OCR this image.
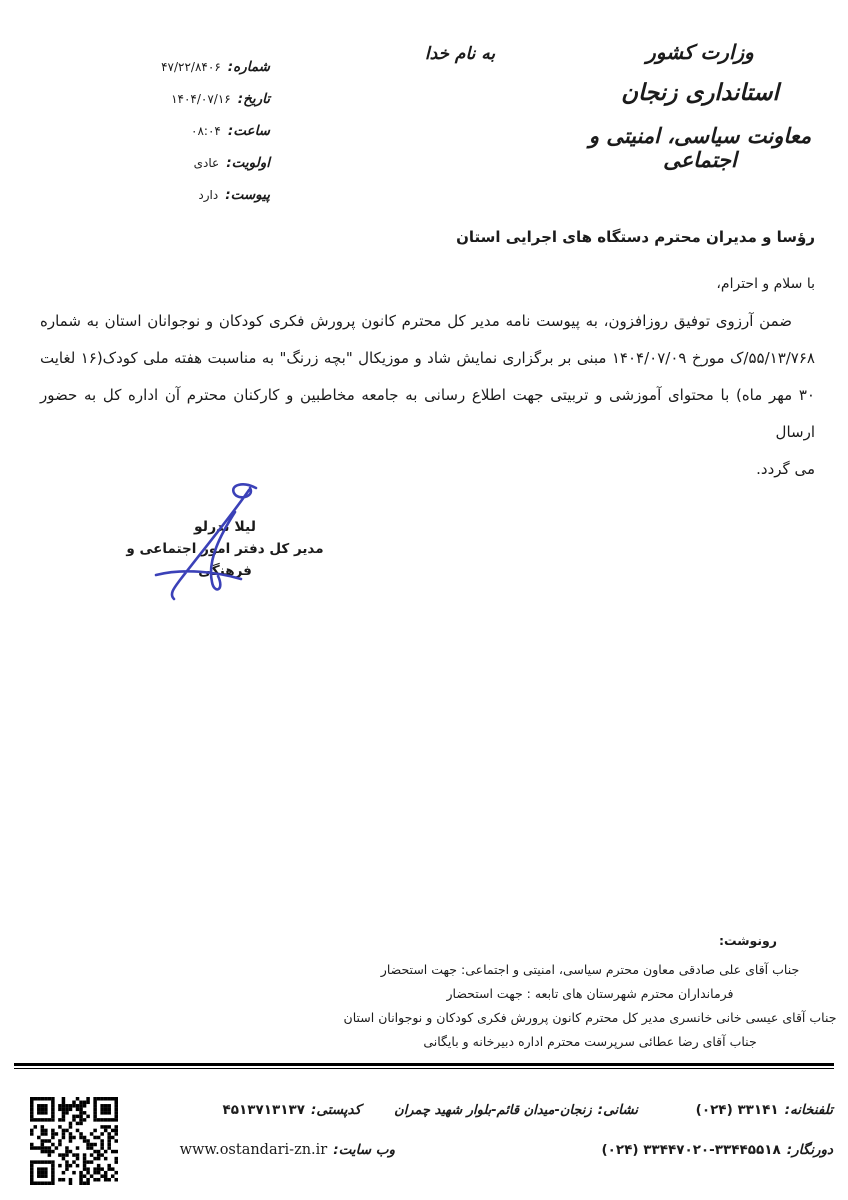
به نام خدا	وزارت کشور
استانداری زنجان
معاونت سیاسی، امنیتی و اجتماعی
شماره:۴۷/۲۲/۸۴۰۶
تاریخ:۱۴۰۴/۰۷/۱۶
ساعت:۰۸:۰۴
اولویت:عادی
پیوست:دارد
رؤسا و مدیران محترم دستگاه های اجرایی استان
با سلام و احترام،
ضمن آرزوی توفیق روزافزون، به پیوست نامه مدیر کل محترم کانون پرورش فکری کودکان و نوجوانان استان به شماره
۵۵/۱۳/۷۶۸/ک مورخ ۱۴۰۴/۰۷/۰۹ مبنی بر برگزاری نمایش شاد و موزیکال "بچه زرنگ" به مناسبت هفته ملی کودک(۱۶ لغایت
۳۰ مهر ماه) با محتوای آموزشی و تربیتی جهت اطلاع رسانی به جامعه مخاطبین و کارکنان محترم آن اداره کل به حضور ارسال
می گردد.
لیلا ندرلو
مدیر کل دفتر امور اجتماعی و فرهنگی
رونوشت:
جناب آقای علی صادقی معاون محترم سیاسی، امنیتی و اجتماعی: جهت استحضار
فرمانداران محترم شهرستان های تابعه : جهت استحضار
جناب آقای عیسی خانی خانسری مدیر کل محترم کانون پرورش فکری کودکان و نوجوانان استان
جناب آقای رضا عطائی سرپرست محترم اداره دبیرخانه و بایگانی
تلفنخانه:۳۳۱۴۱ (۰۲۴)
نشانی:زنجان-میدان قائم-بلوار شهید چمران
کدپستی:۴۵۱۳۷۱۳۱۳۷
دورنگار:۳۳۴۴۵۵۱۸-۳۳۴۴۷۰۲۰ (۰۲۴)
وب سایت:www.ostandari-zn.ir
